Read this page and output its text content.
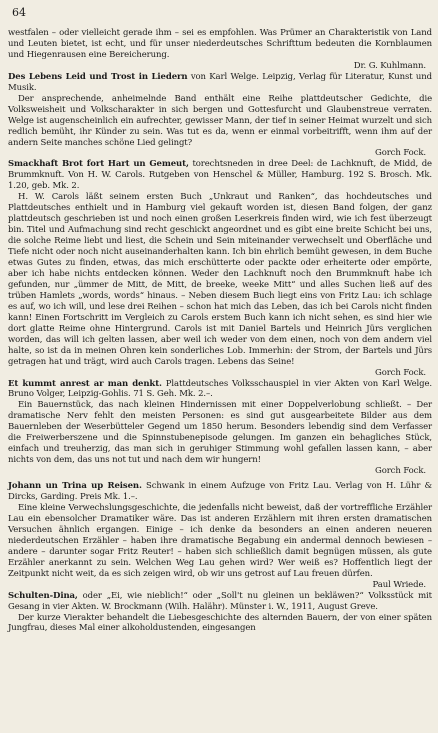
64

westfalen – oder vielleicht gerade ihm – sei es empfohlen. Was Prümer an Charakteristik von Land und Leuten bietet, ist echt, und für unser niederdeutsches Schrifttum bedeuten die Kornblaumen und Hiegenrausen eine Bereicherung.

Dr. G. Kuhlmann.

Des Lebens Leid und Trost in Liedern von Karl Welge. Leipzig, Verlag für Literatur, Kunst und Musik.

Der ansprechende, anheimelnde Band enthält eine Reihe plattdeutscher Gedichte, die Volksweisheit und Volkscharakter in sich bergen und Gottesfurcht und Glaubenstreue verraten. Welge ist augenscheinlich ein aufrechter, gewisser Mann, der tief in seiner Heimat wurzelt und sich redlich bemüht, ihr Künder zu sein. Was tut es da, wenn er einmal vorbeitrifft, wenn ihm auf der andern Seite manches schöne Lied gelingt?

Gorch Fock.

Smackhaft Brot fort Hart un Gemeut, torechtsneden in dree Deel: de Lachknuft, de Midd, de Brummknuft. Von H. W. Carols. Rutgeben von Henschel & Müller, Hamburg. 192 S. Brosch. Mk. 1.20, geb. Mk. 2.

H. W. Carols läßt seinem ersten Buch „Unkraut und Ranken“, das hochdeutsches und Plattdeutsches enthielt und in Hamburg viel gekauft worden ist, diesen Band folgen, der ganz plattdeutsch geschrieben ist und noch einen großen Leserkreis finden wird, wie ich fest überzeugt bin. Titel und Aufmachung sind recht geschickt angeordnet und es gibt eine breite Schicht bei uns, die solche Reime liebt und liest, die Schein und Sein miteinander verwechselt und Oberfläche und Tiefe nicht oder noch nicht auseinanderhalten kann. Ich bin ehrlich bemüht gewesen, in dem Buche etwas Gutes zu finden, etwas, das mich erschütterte oder packte oder erheiterte oder empörte, aber ich habe nichts entdecken können. Weder den Lachknuft noch den Brummknuft habe ich gefunden, nur „ümmer de Mitt, de Mitt, de breeke, weeke Mitt“ und alles Suchen ließ auf des trüben Hamlets „words, words“ hinaus. – Neben diesem Buch liegt eins von Fritz Lau: ich schlage es auf, wo ich will, und lese drei Reihen – schon hat mich das Leben, das ich bei Carols nicht finden kann! Einen Fortschritt im Vergleich zu Carols erstem Buch kann ich nicht sehen, es sind hier wie dort glatte Reime ohne Hintergrund. Carols ist mit Daniel Bartels und Heinrich Jürs verglichen worden, das will ich gelten lassen, aber weil ich weder von dem einen, noch von dem andern viel halte, so ist da in meinen Ohren kein sonderliches Lob. Immerhin: der Strom, der Bartels und Jürs getragen hat und trägt, wird auch Carols tragen. Lebens das Seine!

Gorch Fock.

Et kummt anrest ar man denkt. Plattdeutsches Volksschauspiel in vier Akten von Karl Welge. Bruno Volger, Leipzig-Gohlis. 71 S. Geh. Mk. 2.–.

Ein Bauernstück, das nach kleinen Hindernissen mit einer Doppelverlobung schließt. – Der dramatische Nerv fehlt den meisten Personen: es sind gut ausgearbeitete Bilder aus dem Bauernleben der Weserbütteler Gegend um 1850 herum. Besonders lebendig sind dem Verfasser die Freiwerberszene und die Spinnstubenepisode gelungen. Im ganzen ein behagliches Stück, einfach und treuherzig, das man sich in geruhiger Stimmung wohl gefallen lassen kann, – aber nichts von dem, das uns not tut und nach dem wir hungern!

Gorch Fock.

Johann un Trina up Reisen. Schwank in einem Aufzuge von Fritz Lau. Verlag von H. Lühr & Dircks, Garding. Preis Mk. 1.–.

Eine kleine Verwechslungsgeschichte, die jedenfalls nicht beweist, daß der vortreffliche Erzähler Lau ein ebensolcher Dramatiker wäre. Das ist anderen Erzählern mit ihren ersten dramatischen Versuchen ähnlich ergangen. Einige – ich denke da besonders an einen anderen neueren niederdeutschen Erzähler – haben ihre dramatische Begabung ein andermal dennoch bewiesen – andere – darunter sogar Fritz Reuter! – haben sich schließlich damit begnügen müssen, als gute Erzähler anerkannt zu sein. Welchen Weg Lau gehen wird? Wer weiß es? Hoffentlich liegt der Zeitpunkt nicht weit, da es sich zeigen wird, ob wir uns getrost auf Lau freuen dürfen.

Paul Wriede.

Schulten-Dina, oder „Ei, wie nieblich!“ oder „Soll't nu gleinen un bekläwen?“ Volksstück mit Gesang in vier Akten. W. Brockmann (Wilh. Halähr). Münster i. W., 1911, August Greve.

Der kurze Vierakter behandelt die Liebesgeschichte des alternden Bauern, der von einer späten Jungfrau, dieses Mal einer alkoholdustenden, eingesangen
